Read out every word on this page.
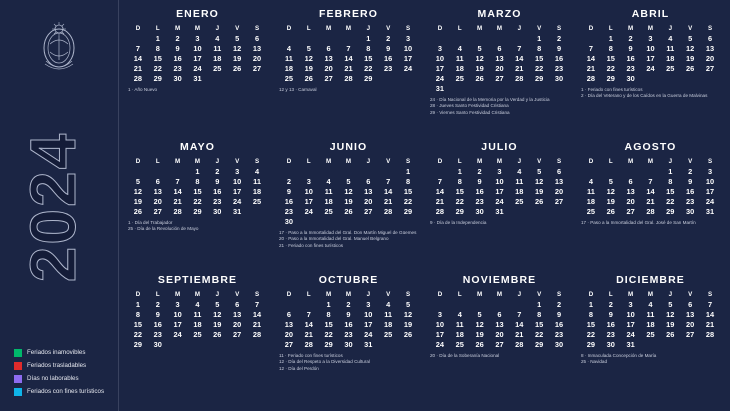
2024
Feriados inamovibles
Feriados trasladables
Días no laborables
Feriados con fines turísticos
ENERO
D	L	M	M	J	V	S
	1	2	3	4	5	6
7	8	9	10	11	12	13
14	15	16	17	18	19	20
21	22	23	24	25	26	27
28	29	30	31			
1 · Año Nuevo
FEBRERO
D	L	M	M	J	V	S
				1	2	3
4	5	6	7	8	9	10
11	12	13	14	15	16	17
18	19	20	21	22	23	24
25	26	27	28	29		
12 y 13 · Carnaval
MARZO
D	L	M	M	J	V	S
					1	2
3	4	5	6	7	8	9
10	11	12	13	14	15	16
17	18	19	20	21	22	23
24	25	26	27	28	29	30
31						
24 · Día Nacional de la Memoria por la Verdad y la Justicia
28 · Jueves Santo Festividad Cristiana
29 · Viernes Santo Festividad Cristiana
ABRIL
D	L	M	M	J	V	S
	1	2	3	4	5	6
7	8	9	10	11	12	13
14	15	16	17	18	19	20
21	22	23	24	25	26	27
28	29	30				
1 · Feriado con fines turísticos
2 · Día del Veterano y de los Caídos en la Guerra de Malvinas
MAYO
D	L	M	M	J	V	S
			1	2	3	4
5	6	7	8	9	10	11
12	13	14	15	16	17	18
19	20	21	22	23	24	25
26	27	28	29	30	31	
1 · Día del Trabajador
25 · Día de la Revolución de Mayo
JUNIO
D	L	M	M	J	V	S
						1
2	3	4	5	6	7	8
9	10	11	12	13	14	15
16	17	18	19	20	21	22
23	24	25	26	27	28	29
30						
17 · Paso a la Inmortalidad del Gral. Don Martín Miguel de Güemes
20 · Paso a la Inmortalidad del Gral. Manuel Belgrano
21 · Feriado con fines turísticos
JULIO
D	L	M	M	J	V	S
	1	2	3	4	5	6
7	8	9	10	11	12	13
14	15	16	17	18	19	20
21	22	23	24	25	26	27
28	29	30	31			
9 · Día de la Independencia
AGOSTO
D	L	M	M	J	V	S
				1	2	3
4	5	6	7	8	9	10
11	12	13	14	15	16	17
18	19	20	21	22	23	24
25	26	27	28	29	30	31
17 · Paso a la Inmortalidad del Gral. José de San Martín
SEPTIEMBRE
D	L	M	M	J	V	S
1	2	3	4	5	6	7
8	9	10	11	12	13	14
15	16	17	18	19	20	21
22	23	24	25	26	27	28
29	30					
OCTUBRE
D	L	M	M	J	V	S
		1	2	3	4	5
6	7	8	9	10	11	12
13	14	15	16	17	18	19
20	21	22	23	24	25	26
27	28	29	30	31		
11 · Feriado con fines turísticos
12 · Día del Respeto a la Diversidad Cultural
12 · Día del Perdón
NOVIEMBRE
D	L	M	M	J	V	S
					1	2
3	4	5	6	7	8	9
10	11	12	13	14	15	16
17	18	19	20	21	22	23
24	25	26	27	28	29	30
20 · Día de la Soberanía Nacional
DICIEMBRE
D	L	M	M	J	V	S
1	2	3	4	5	6	7
8	9	10	11	12	13	14
15	16	17	18	19	20	21
22	23	24	25	26	27	28
29	30	31				
8 · Inmaculada Concepción de María
25 · Navidad
